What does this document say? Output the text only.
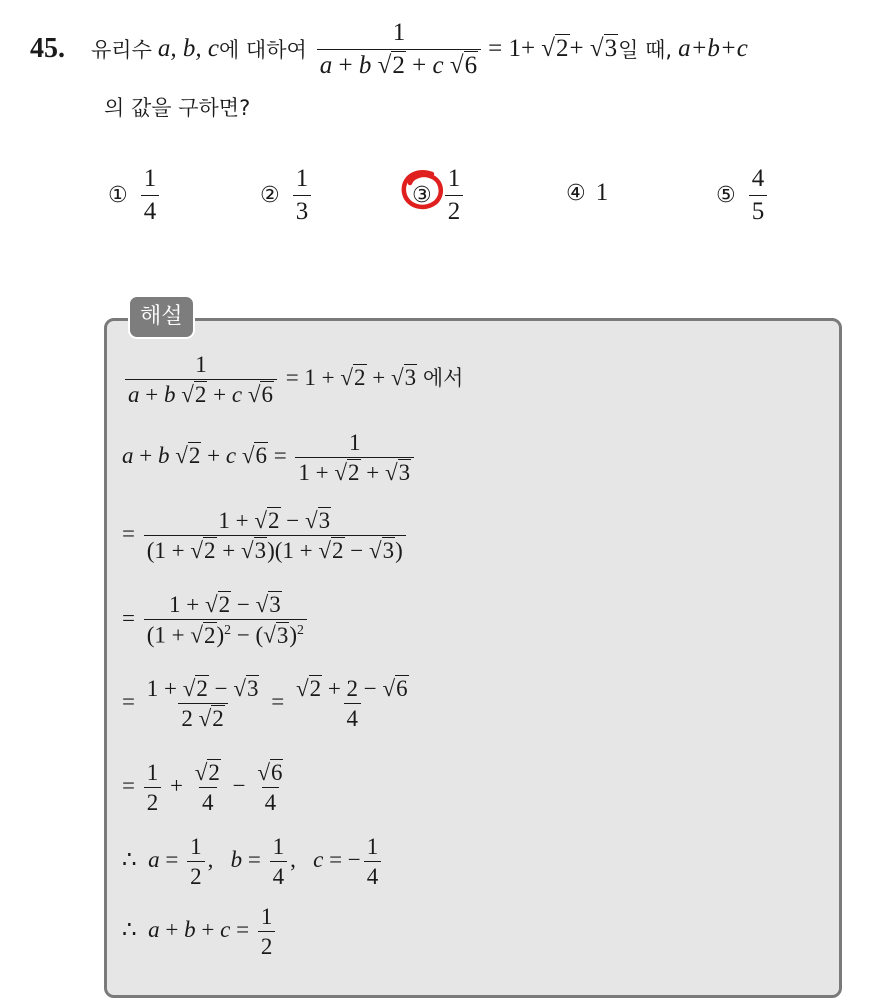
45. 유리수 a, b, c 에 대하여 $\frac{1}{a + b √2 + c √6} = 1+ √2+ √3$ 일 때, a+b+c
의 값을 구하면?
① $\frac{1}{4}$	② $\frac{1}{3}$	③ $\frac{1}{2}$	④ 1	⑤ $\frac{4}{5}$
해설
$\frac{1}{a + b √2 + c √6} = 1 + √2 + √3$ 에서
a + b √2 + c $√6 = \frac{1}{1 + √2 + √3}$
= $\frac{1 + √2 - √3}{(1 + √2 + √3)(1 + √2 - √3)}$
= $\frac{1 + √2 - √3}{(1 + √2)^2 - (√3)^2}$
= $\frac{1 + √2 - √3}{2 √2} = \frac{√2 + 2 - √6}{4}$
= $\frac{1}{2} + \frac{√2}{4} - \frac{√6}{4}$
∴ $a = \frac{1}{2}$ ,   $b = \frac{1}{4}$ ,   c = − $\frac{1}{4}$
∴ $a + b + c = \frac{1}{2}$
